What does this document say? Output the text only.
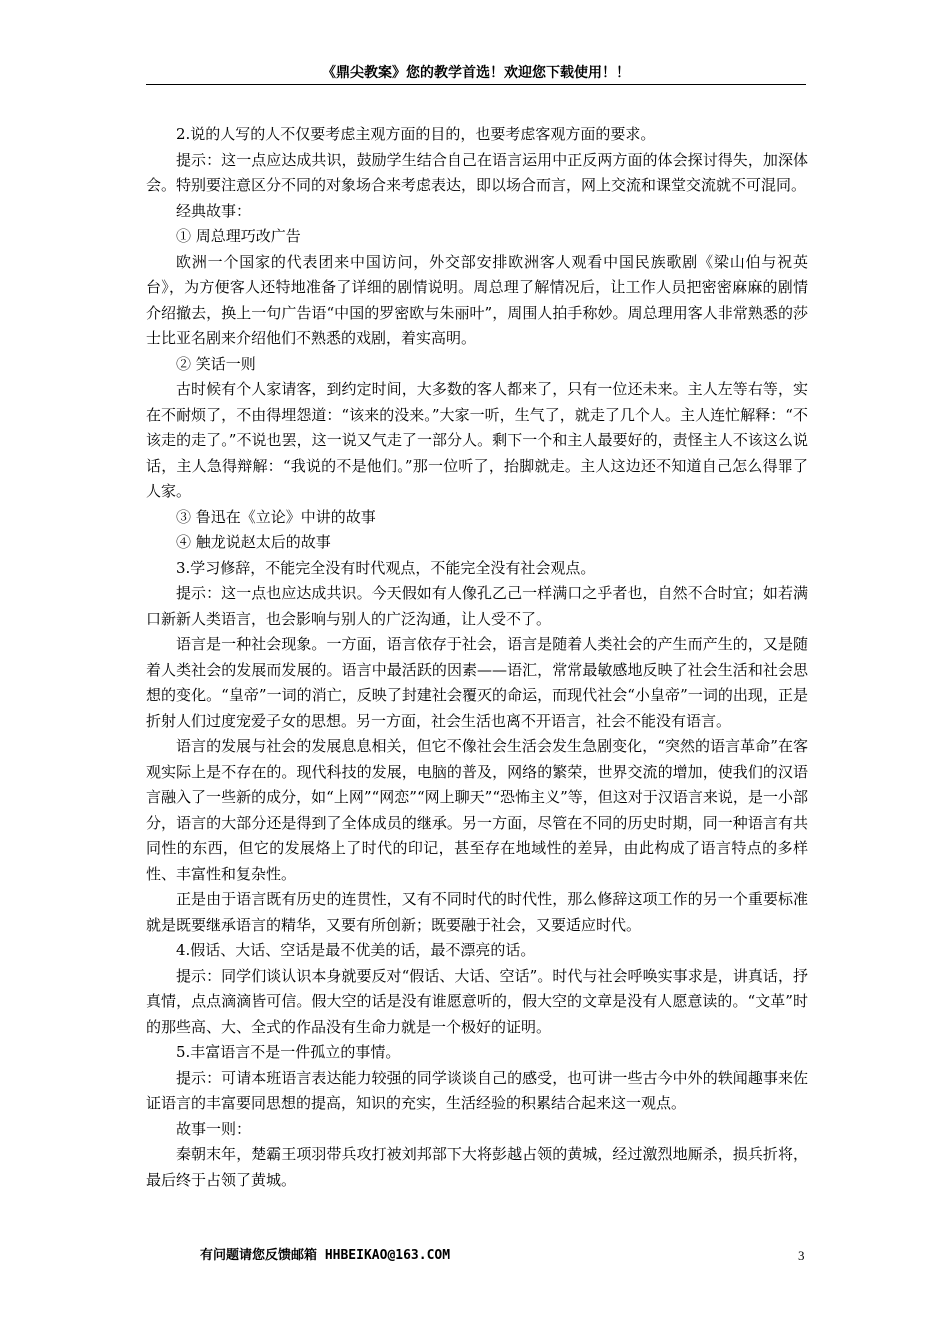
《鼎尖教案》您的教学首选！欢迎您下载使用！！

2.说的人写的人不仅要考虑主观方面的目的，也要考虑客观方面的要求。

提示：这一点应达成共识，鼓励学生结合自己在语言运用中正反两方面的体会探讨得失，加深体会。特别要注意区分不同的对象场合来考虑表达，即以场合而言，网上交流和课堂交流就不可混同。

经典故事：

① 周总理巧改广告

欧洲一个国家的代表团来中国访问，外交部安排欧洲客人观看中国民族歌剧《梁山伯与祝英台》，为方便客人还特地准备了详细的剧情说明。周总理了解情况后，让工作人员把密密麻麻的剧情介绍撤去，换上一句广告语“中国的罗密欧与朱丽叶”，周围人拍手称妙。周总理用客人非常熟悉的莎士比亚名剧来介绍他们不熟悉的戏剧，着实高明。

② 笑话一则

古时候有个人家请客，到约定时间，大多数的客人都来了，只有一位还未来。主人左等右等，实在不耐烦了，不由得埋怨道：“该来的没来。”大家一听，生气了，就走了几个人。主人连忙解释：“不该走的走了。”不说也罢，这一说又气走了一部分人。剩下一个和主人最要好的，责怪主人不该这么说话，主人急得辩解：“我说的不是他们。”那一位听了，抬脚就走。主人这边还不知道自己怎么得罪了人家。

③ 鲁迅在《立论》中讲的故事

④ 触龙说赵太后的故事

3.学习修辞，不能完全没有时代观点，不能完全没有社会观点。

提示：这一点也应达成共识。今天假如有人像孔乙己一样满口之乎者也，自然不合时宜；如若满口新新人类语言，也会影响与别人的广泛沟通，让人受不了。

语言是一种社会现象。一方面，语言依存于社会，语言是随着人类社会的产生而产生的，又是随着人类社会的发展而发展的。语言中最活跃的因素——语汇，常常最敏感地反映了社会生活和社会思想的变化。“皇帝”一词的消亡，反映了封建社会覆灭的命运，而现代社会“小皇帝”一词的出现，正是折射人们过度宠爱子女的思想。另一方面，社会生活也离不开语言，社会不能没有语言。

语言的发展与社会的发展息息相关，但它不像社会生活会发生急剧变化，“突然的语言革命”在客观实际上是不存在的。现代科技的发展，电脑的普及，网络的繁荣，世界交流的增加，使我们的汉语言融入了一些新的成分，如“上网”“网恋”“网上聊天”“恐怖主义”等，但这对于汉语言来说，是一小部分，语言的大部分还是得到了全体成员的继承。另一方面，尽管在不同的历史时期，同一种语言有共同性的东西，但它的发展烙上了时代的印记，甚至存在地域性的差异，由此构成了语言特点的多样性、丰富性和复杂性。

正是由于语言既有历史的连贯性，又有不同时代的时代性，那么修辞这项工作的另一个重要标准就是既要继承语言的精华，又要有所创新；既要融于社会，又要适应时代。

4.假话、大话、空话是最不优美的话，最不漂亮的话。

提示：同学们谈认识本身就要反对“假话、大话、空话”。时代与社会呼唤实事求是，讲真话，抒真情，点点滴滴皆可信。假大空的话是没有谁愿意听的，假大空的文章是没有人愿意读的。“文革”时的那些高、大、全式的作品没有生命力就是一个极好的证明。

5.丰富语言不是一件孤立的事情。

提示：可请本班语言表达能力较强的同学谈谈自己的感受，也可讲一些古今中外的轶闻趣事来佐证语言的丰富要同思想的提高，知识的充实，生活经验的积累结合起来这一观点。

故事一则：

秦朝末年，楚霸王项羽带兵攻打被刘邦部下大将彭越占领的黄城，经过激烈地厮杀，损兵折将，最后终于占领了黄城。

有问题请您反馈邮箱 HHBEIKAO@163.COM	3
